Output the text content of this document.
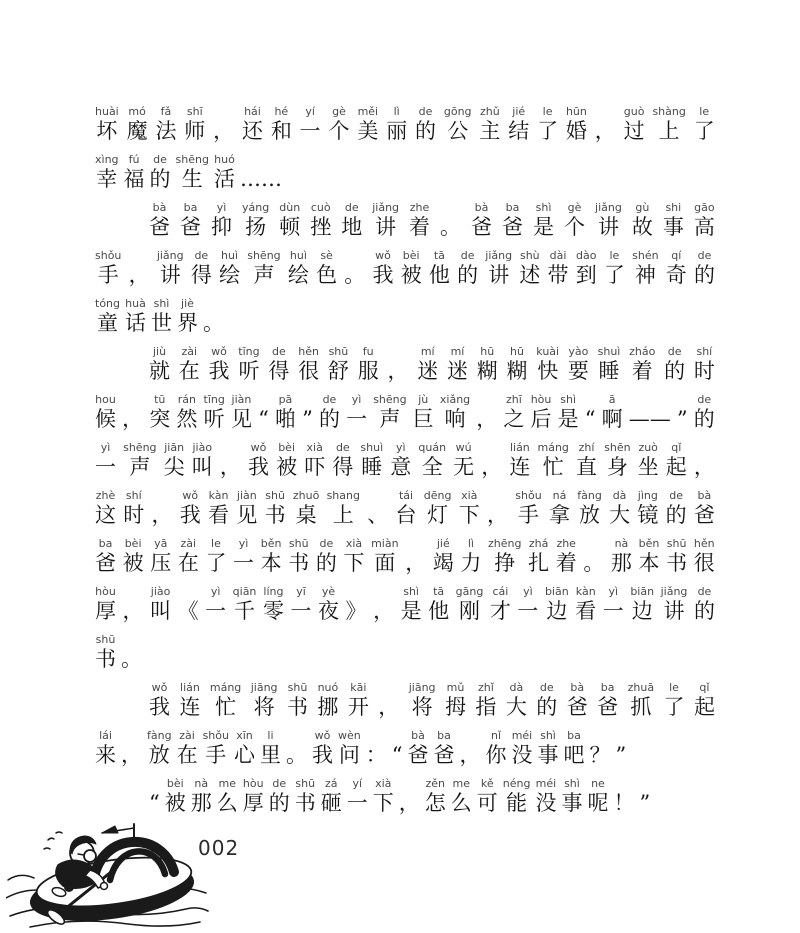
huài
坏
mó
魔
fǎ
法
shī
师 ，
hái
还
hé
和
yí
一
gè
个
měi
美
lì
丽
de
的
gōng
公
zhǔ
主
jié
结
le
了
hūn
婚 ，
guò
过
shàng
上
le
了
xìng
幸
fú
福
de
的
shēng
生
huó
活 ……
bà
爸
ba
爸
yì
抑
yáng
扬
dùn
顿
cuò
挫
de
地
jiǎng
讲
zhe
着 。
bà
爸
ba
爸
shì
是
gè
个
jiǎng
讲
gù
故
shi
事
gāo
高
shǒu
手 ，
jiǎng
讲
de
得
huì
绘
shēng
声
huì
绘
sè
色 。
wǒ
我
bèi
被
tā
他
de
的
jiǎng
讲
shù
述
dài
带
dào
到
le
了
shén
神
qí
奇
de
的
tóng
童
huà
话
shì
世
jiè
界 。
jiù
就
zài
在
wǒ
我
tīng
听
de
得
hěn
很
shū
舒
fu
服 ，
mí
迷
mí
迷
hū
糊
hū
糊
kuài
快
yào
要
shuì
睡
zháo
着
de
的
shí
时
hou
候 ，
tū
突
rán
然
tīng
听
jiàn
见 “
pā
啪 ”
de
的
yì
一
shēng
声
jù
巨
xiǎng
响 ，
zhī
之
hòu
后
shì
是 “
ā
啊 —— ”
de
的
yì
一
shēng
声
jiān
尖
jiào
叫 ，
wǒ
我
bèi
被
xià
吓
de
得
shuì
睡
yì
意
quán
全
wú
无 ，
lián
连
máng
忙
zhí
直
shēn
身
zuò
坐
qǐ
起 ，
zhè
这
shí
时 ，
wǒ
我
kàn
看
jiàn
见
shū
书
zhuō
桌
shang
上 、
tái
台
dēng
灯
xià
下 ，
shǒu
手
ná
拿
fàng
放
dà
大
jìng
镜
de
的
bà
爸
ba
爸
bèi
被
yā
压
zài
在
le
了
yì
一
běn
本
shū
书
de
的
xià
下
miàn
面 ，
jié
竭
lì
力
zhēng
挣
zhá
扎
zhe
着 。
nà
那
běn
本
shū
书
hěn
很
hòu
厚 ，
jiào
叫 《
yì
一
qiān
千
líng
零
yī
一
yè
夜 》 ，
shì
是
tā
他
gāng
刚
cái
才
yì
一
biān
边
kàn
看
yì
一
biān
边
jiǎng
讲
de
的
shū
书 。
wǒ
我
lián
连
máng
忙
jiāng
将
shū
书
nuó
挪
kāi
开 ，
jiāng
将
mǔ
拇
zhǐ
指
dà
大
de
的
bà
爸
ba
爸
zhuā
抓
le
了
qǐ
起
lái
来 ，
fàng
放
zài
在
shǒu
手
xīn
心
li
里 。
wǒ
我
wèn
问 ： “
bà
爸
ba
爸 ，
nǐ
你
méi
没
shì
事
ba
吧 ？ ”
“
bèi
被
nà
那
me
么
hòu
厚
de
的
shū
书
zá
砸
yí
一
xià
下 ，
zěn
怎
me
么
kě
可
néng
能
méi
没
shì
事
ne
呢 ！ ”
002
